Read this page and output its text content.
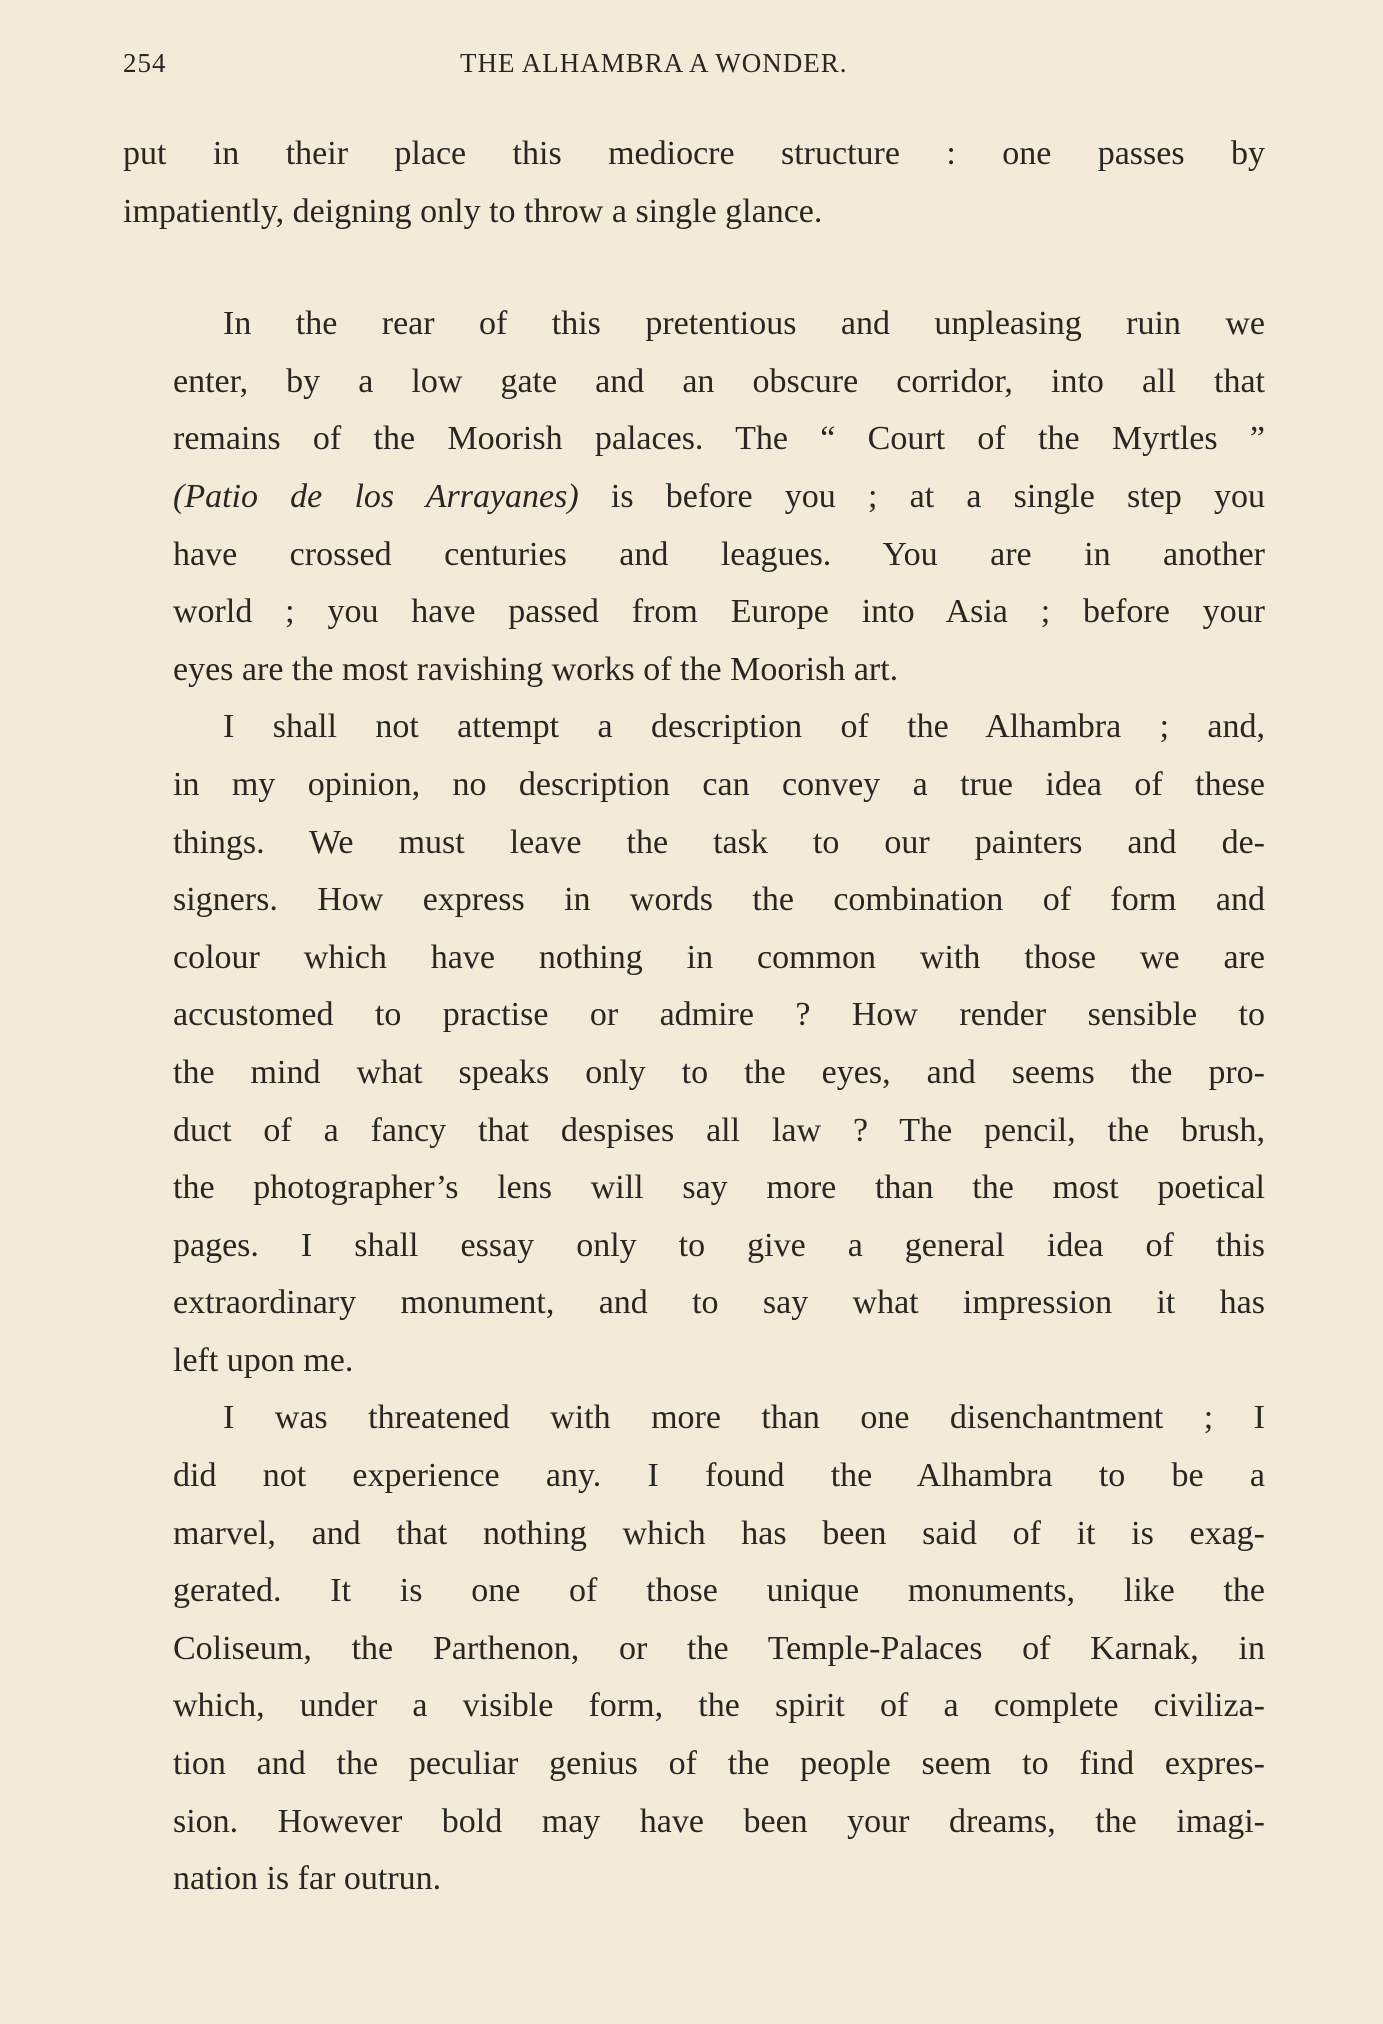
254	THE ALHAMBRA A WONDER.

put in their place this mediocre structure : one passes by
impatiently, deigning only to throw a single glance.

In the rear of this pretentious and unpleasing ruin we
enter, by a low gate and an obscure corridor, into all that
remains of the Moorish palaces. The “ Court of the Myrtles ”
(Patio de los Arrayanes) is before you ; at a single step you
have crossed centuries and leagues. You are in another
world ; you have passed from Europe into Asia ; before your
eyes are the most ravishing works of the Moorish art.

I shall not attempt a description of the Alhambra ; and,
in my opinion, no description can convey a true idea of these
things. We must leave the task to our painters and de-
signers. How express in words the combination of form and
colour which have nothing in common with those we are
accustomed to practise or admire ? How render sensible to
the mind what speaks only to the eyes, and seems the pro-
duct of a fancy that despises all law ? The pencil, the brush,
the photographer’s lens will say more than the most poetical
pages. I shall essay only to give a general idea of this
extraordinary monument, and to say what impression it has
left upon me.

I was threatened with more than one disenchantment ; I
did not experience any. I found the Alhambra to be a
marvel, and that nothing which has been said of it is exag-
gerated. It is one of those unique monuments, like the
Coliseum, the Parthenon, or the Temple-Palaces of Karnak, in
which, under a visible form, the spirit of a complete civiliza-
tion and the peculiar genius of the people seem to find expres-
sion. However bold may have been your dreams, the imagi-
nation is far outrun.
